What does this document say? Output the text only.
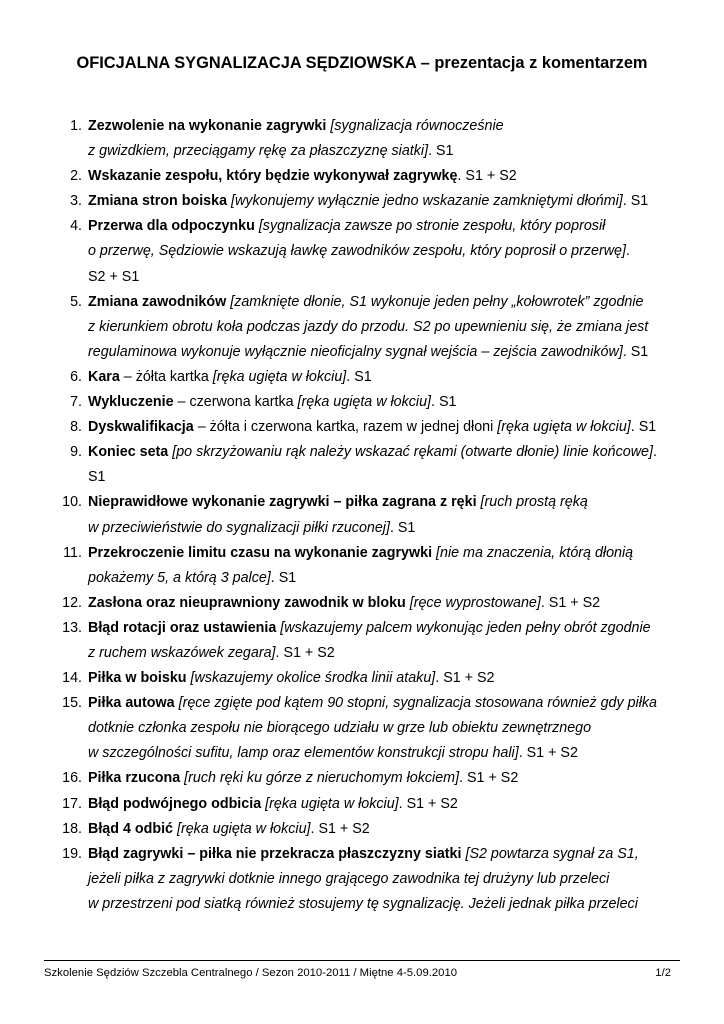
OFICJALNA SYGNALIZACJA SĘDZIOWSKA – prezentacja z komentarzem
1. Zezwolenie na wykonanie zagrywki [sygnalizacja równocześnie
z gwizdkiem, przeciągamy rękę za płaszczyznę siatki]. S1
2. Wskazanie zespołu, który będzie wykonywał zagrywkę. S1 + S2
3. Zmiana stron boiska [wykonujemy wyłącznie jedno wskazanie zamkniętymi dłońmi]. S1
4. Przerwa dla odpoczynku [sygnalizacja zawsze po stronie zespołu, który poprosił
o przerwę, Sędziowie wskazują ławkę zawodników zespołu, który poprosił o przerwę].
S2 + S1
5. Zmiana zawodników [zamknięte dłonie, S1 wykonuje jeden pełny „kołowrotek” zgodnie
z kierunkiem obrotu koła podczas jazdy do przodu. S2 po upewnieniu się, że zmiana jest
regulaminowa wykonuje wyłącznie nieoficjalny sygnał wejścia – zejścia zawodników]. S1
6. Kara – żółta kartka [ręka ugięta w łokciu]. S1
7. Wykluczenie – czerwona kartka [ręka ugięta w łokciu]. S1
8. Dyskwalifikacja – żółta i czerwona kartka, razem w jednej dłoni [ręka ugięta w łokciu]. S1
9. Koniec seta [po skrzyżowaniu rąk należy wskazać rękami (otwarte dłonie) linie końcowe].
S1
10. Nieprawidłowe wykonanie zagrywki – piłka zagrana z ręki [ruch prostą ręką
w przeciwieństwie do sygnalizacji piłki rzuconej]. S1
11. Przekroczenie limitu czasu na wykonanie zagrywki [nie ma znaczenia, którą dłonią
pokażemy 5, a którą 3 palce]. S1
12. Zasłona oraz nieuprawniony zawodnik w bloku [ręce wyprostowane]. S1 + S2
13. Błąd rotacji oraz ustawienia [wskazujemy palcem wykonując jeden pełny obrót zgodnie
z ruchem wskazówek zegara]. S1 + S2
14. Piłka w boisku [wskazujemy okolice środka linii ataku]. S1 + S2
15. Piłka autowa [ręce zgięte pod kątem 90 stopni, sygnalizacja stosowana również gdy piłka
dotknie członka zespołu nie biorącego udziału w grze lub obiektu zewnętrznego
w szczególności sufitu, lamp oraz elementów konstrukcji stropu hali]. S1 + S2
16. Piłka rzucona [ruch ręki ku górze z nieruchomym łokciem]. S1 + S2
17. Błąd podwójnego odbicia [ręka ugięta w łokciu]. S1 + S2
18. Błąd 4 odbić [ręka ugięta w łokciu]. S1 + S2
19. Błąd zagrywki – piłka nie przekracza płaszczyzny siatki [S2 powtarza sygnał za S1,
jeżeli piłka z zagrywki dotknie innego grającego zawodnika tej drużyny lub przeleci
w przestrzeni pod siatką również stosujemy tę sygnalizację. Jeżeli jednak piłka przeleci
Szkolenie Sędziów Szczebla Centralnego / Sezon 2010-2011 / Miętne 4-5.09.2010	1/2
